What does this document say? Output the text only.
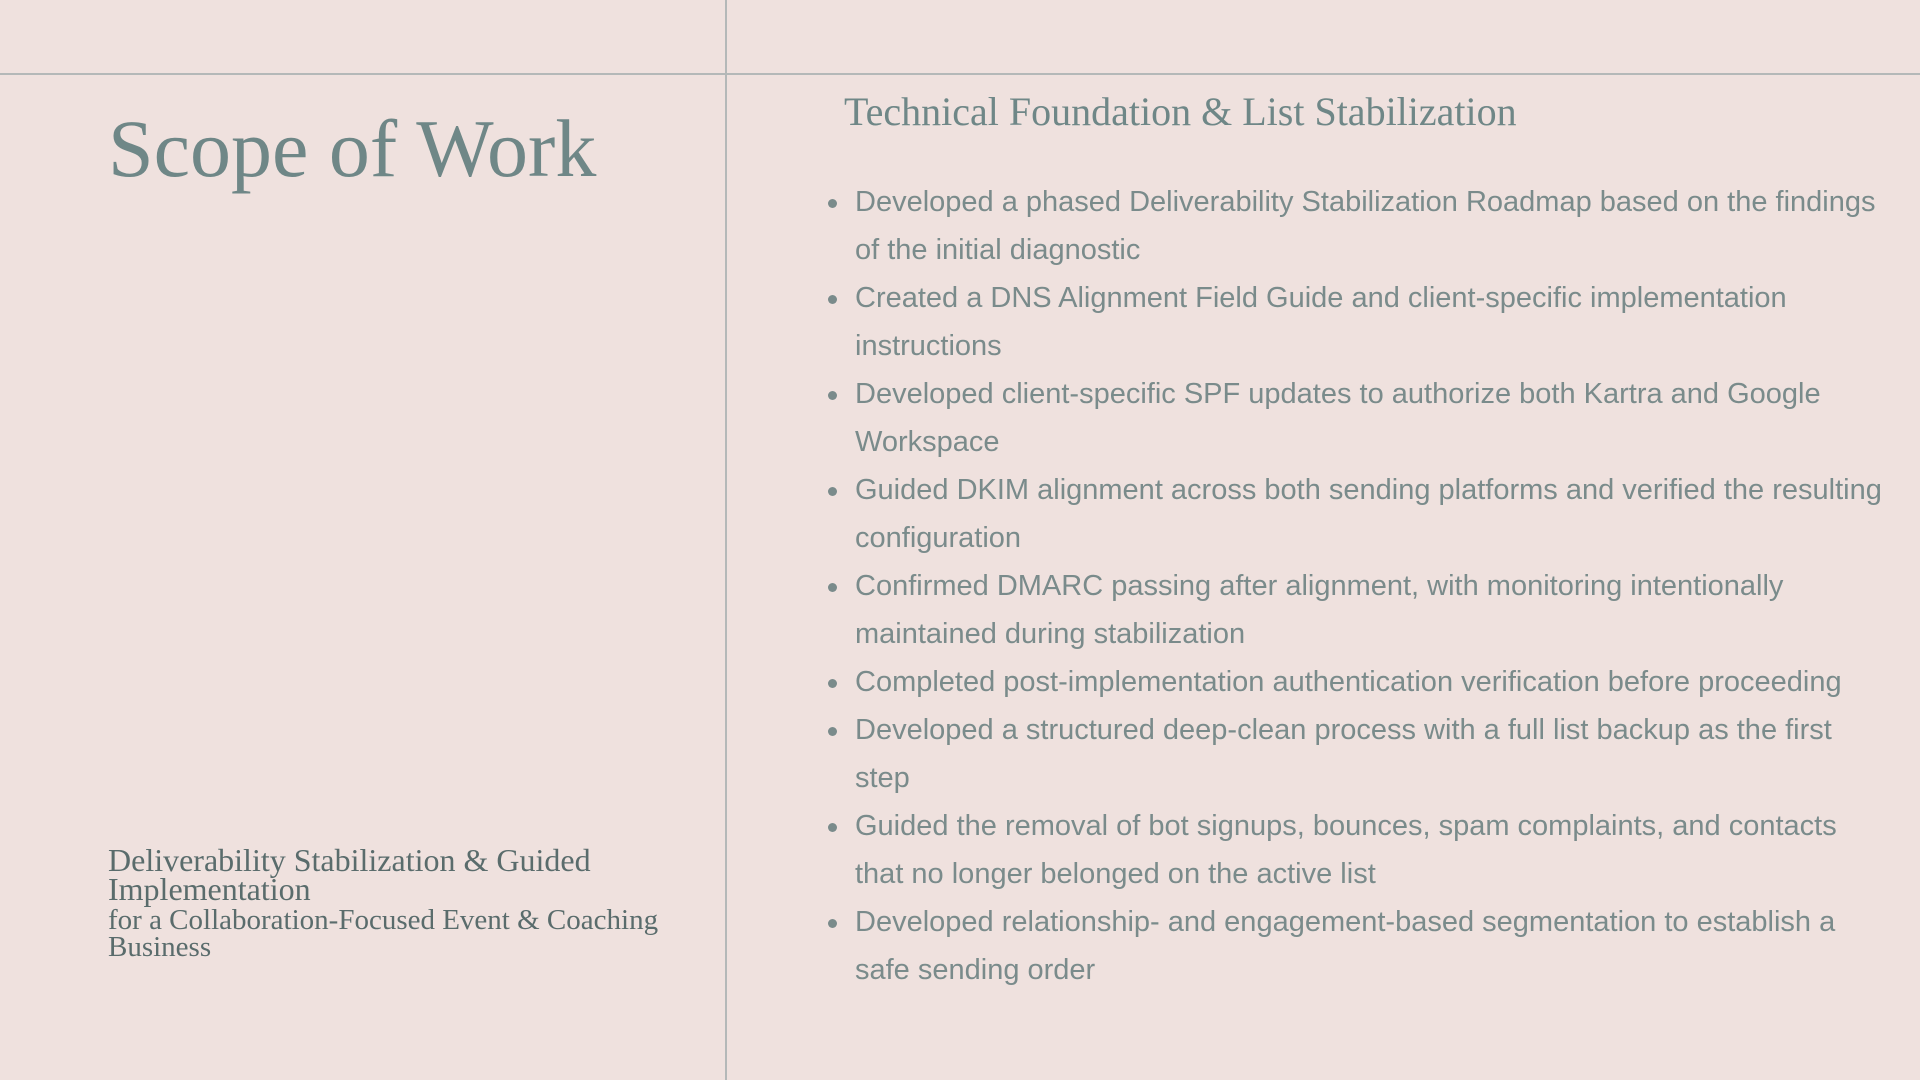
Scope of Work

Deliverability Stabilization & Guided Implementation

for a Collaboration-Focused Event & Coaching Business

Technical Foundation & List Stabilization
Developed a phased Deliverability Stabilization Roadmap based on the findings of the initial diagnostic
Created a DNS Alignment Field Guide and client-specific implementation instructions
Developed client-specific SPF updates to authorize both Kartra and Google Workspace
Guided DKIM alignment across both sending platforms and verified the resulting configuration
Confirmed DMARC passing after alignment, with monitoring intentionally maintained during stabilization
Completed post-implementation authentication verification before proceeding
Developed a structured deep-clean process with a full list backup as the first step
Guided the removal of bot signups, bounces, spam complaints, and contacts that no longer belonged on the active list
Developed relationship- and engagement-based segmentation to establish a safe sending order
